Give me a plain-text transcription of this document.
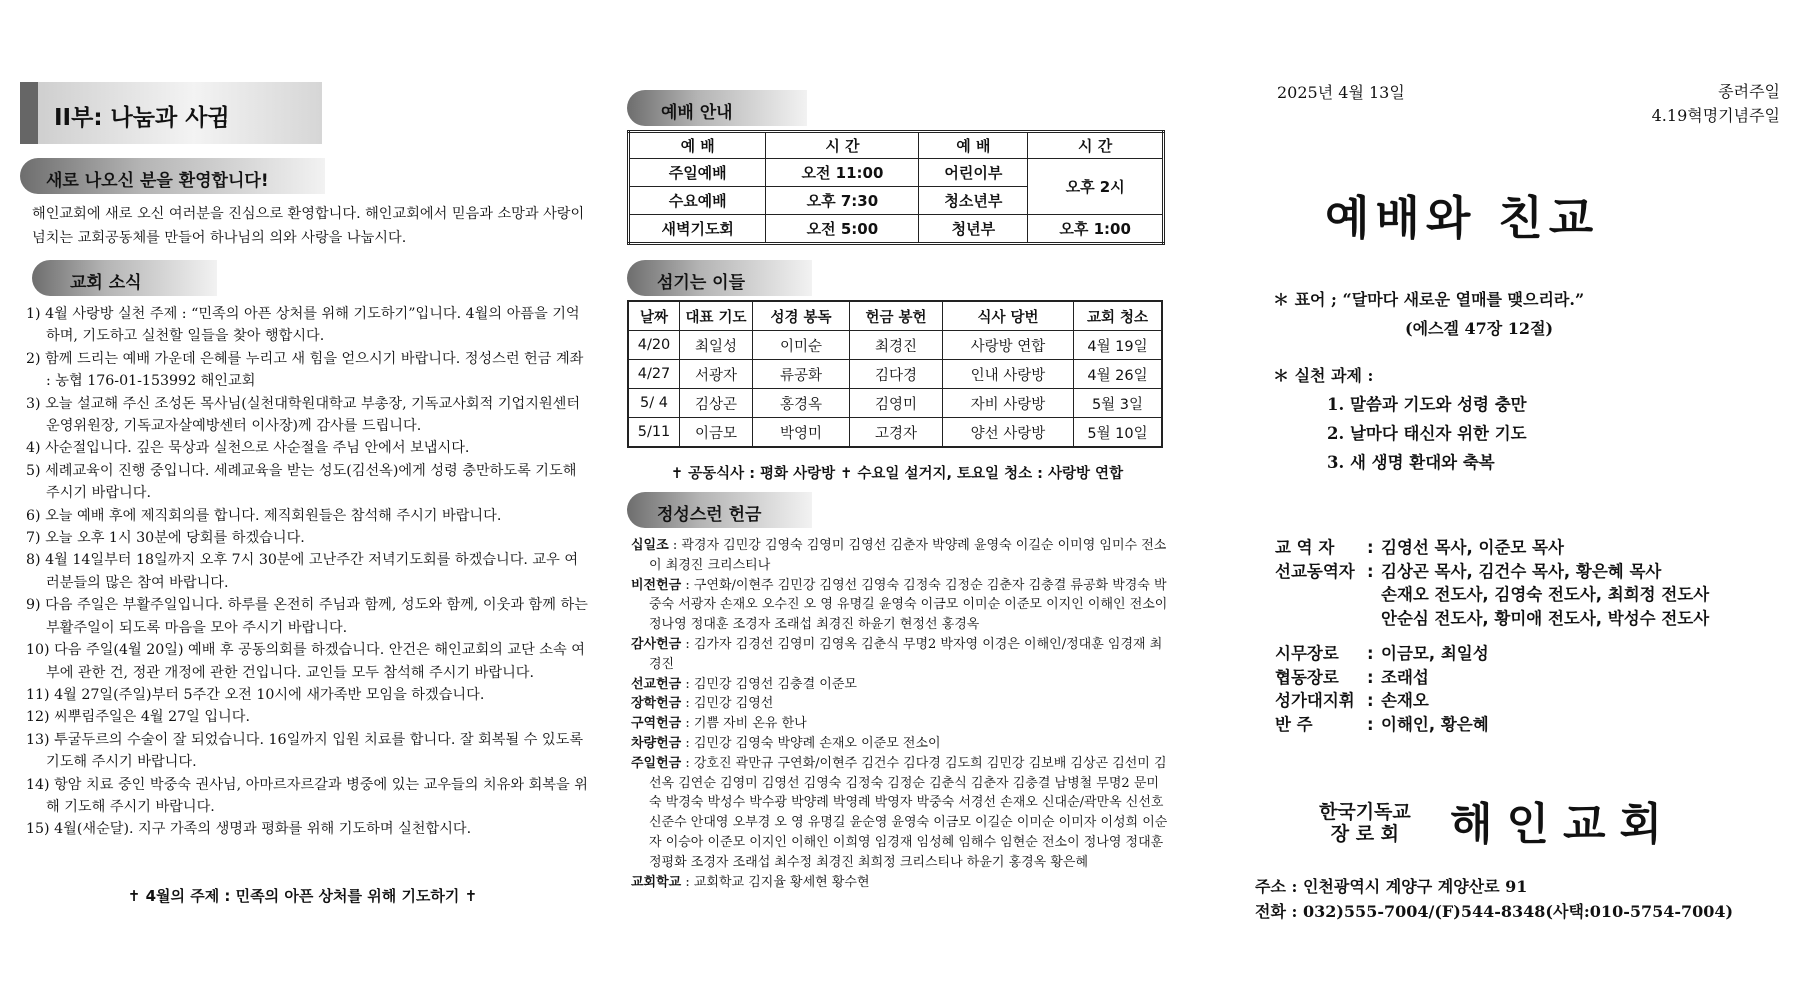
II부: 나눔과 사귐
새로 나오신 분을 환영합니다!
해인교회에 새로 오신 여러분을 진심으로 환영합니다. 해인교회에서 믿음과 소망과 사랑이 넘치는 교회공동체를 만들어 하나님의 의와 사랑을 나눕시다.
교회 소식
1) 4월 사랑방 실천 주제 : “민족의 아픈 상처를 위해 기도하기”입니다. 4월의 아픔을 기억하며, 기도하고 실천할 일들을 찾아 행합시다.
2) 함께 드리는 예배 가운데 은혜를 누리고 새 힘을 얻으시기 바랍니다. 정성스런 헌금 계좌 : 농협 176-01-153992 해인교회
3) 오늘 설교해 주신 조성돈 목사님(실천대학원대학교 부총장, 기독교사회적 기업지원센터 운영위원장, 기독교자살예방센터 이사장)께 감사를 드립니다.
4) 사순절입니다. 깊은 묵상과 실천으로 사순절을 주님 안에서 보냅시다.
5) 세례교육이 진행 중입니다. 세례교육을 받는 성도(김선옥)에게 성령 충만하도록 기도해 주시기 바랍니다.
6) 오늘 예배 후에 제직회의를 합니다. 제직회원들은 참석해 주시기 바랍니다.
7) 오늘 오후 1시 30분에 당회를 하겠습니다.
8) 4월 14일부터 18일까지 오후 7시 30분에 고난주간 저녁기도회를 하겠습니다. 교우 여러분들의 많은 참여 바랍니다.
9) 다음 주일은 부활주일입니다. 하루를 온전히 주님과 함께, 성도와 함께, 이웃과 함께 하는 부활주일이 되도록 마음을 모아 주시기 바랍니다.
10) 다음 주일(4월 20일) 예배 후 공동의회를 하겠습니다. 안건은 해인교회의 교단 소속 여부에 관한 건, 정관 개정에 관한 건입니다. 교인들 모두 참석해 주시기 바랍니다.
11) 4월 27일(주일)부터 5주간 오전 10시에 새가족반 모임을 하겠습니다.
12) 씨뿌림주일은 4월 27일 입니다.
13) 투굴두르의 수술이 잘 되었습니다. 16일까지 입원 치료를 합니다. 잘 회복될 수 있도록 기도해 주시기 바랍니다.
14) 항암 치료 중인 박중숙 권사님, 아마르자르갈과 병중에 있는 교우들의 치유와 회복을 위해 기도해 주시기 바랍니다.
15) 4월(새순달). 지구 가족의 생명과 평화를 위해 기도하며 실천합시다.
✝ 4월의 주제 : 민족의 아픈 상처를 위해 기도하기 ✝
예배 안내
예 배	시 간	예 배	시 간
주일예배	오전 11:00	어린이부	오후 2시
수요예배	오후 7:30	청소년부	
새벽기도회	오전 5:00	청년부	오후 1:00
섬기는 이들
날짜	대표 기도	성경 봉독	헌금 봉헌	식사 당번	교회 청소
4/20	최일성	이미순	최경진	사랑방 연합	4월 19일
4/27	서광자	류공화	김다경	인내 사랑방	4월 26일
5/ 4	김상곤	홍경옥	김영미	자비 사랑방	5월 3일
5/11	이금모	박영미	고경자	양선 사랑방	5월 10일
✝ 공동식사 : 평화 사랑방 ✝ 수요일 설거지, 토요일 청소 : 사랑방 연합
정성스런 헌금
십일조 : 곽경자 김민강 김영숙 김영미 김영선 김춘자 박양례 윤영숙 이길순 이미영 임미수 전소이 최경진 크리스티나
비전헌금 : 구연화/이현주 김민강 김영선 김영숙 김정숙 김정순 김춘자 김충결 류공화 박경숙 박중숙 서광자 손재오 오수진 오 영 유명길 윤영숙 이금모 이미순 이준모 이지인 이해인 전소이 정나영 정대훈 조경자 조래섭 최경진 하윤기 현정선 홍경옥
감사헌금 : 김가자 김경선 김영미 김영옥 김춘식 무명2 박자영 이경은 이해인/정대훈 임경재 최경진
선교헌금 : 김민강 김영선 김충결 이준모
장학헌금 : 김민강 김영선
구역헌금 : 기쁨 자비 온유 한나
차량헌금 : 김민강 김영숙 박양례 손재오 이준모 전소이
주일헌금 : 강호진 곽만규 구연화/이현주 김건수 김다경 김도희 김민강 김보배 김상곤 김선미 김선옥 김연순 김영미 김영선 김영숙 김정숙 김정순 김춘식 김춘자 김충결 남병철 무명2 문미숙 박경숙 박성수 박수광 박양례 박영례 박영자 박중숙 서경선 손재오 신대순/곽만옥 신선호 신준수 안대영 오부경 오 영 유명길 윤순영 윤영숙 이금모 이길순 이미순 이미자 이성희 이순자 이승아 이준모 이지인 이해인 이희영 임경재 임성혜 임해수 임현순 전소이 정나영 정대훈 정평화 조경자 조래섭 최수정 최경진 최희정 크리스티나 하윤기 홍경옥 황은혜
교회학교 : 교회학교 김지율 황세현 황수현
2025년 4월 13일	종려주일
4.19혁명기념주일
예배와 친교
＊ 표어 ; “달마다 새로운 열매를 맺으리라.”
(에스겔 47장 12절)
＊ 실천 과제 :
1. 말씀과 기도와 성령 충만
2. 날마다 태신자 위한 기도
3. 새 생명 환대와 축복
교 역 자	: 김영선 목사, 이준모 목사
선교동역자 : 김상곤 목사, 김건수 목사, 황은혜 목사
손재오 전도사, 김영숙 전도사, 최희정 전도사
안순심 전도사, 황미애 전도사, 박성수 전도사
시무장로	: 이금모, 최일성
협동장로	: 조래섭
성가대지휘 : 손재오
반 주	: 이해인, 황은혜
한국기독교
장 로 회 해인교회
주소 : 인천광역시 계양구 계양산로 91
전화 : 032)555-7004/(F)544-8348(사택:010-5754-7004)
